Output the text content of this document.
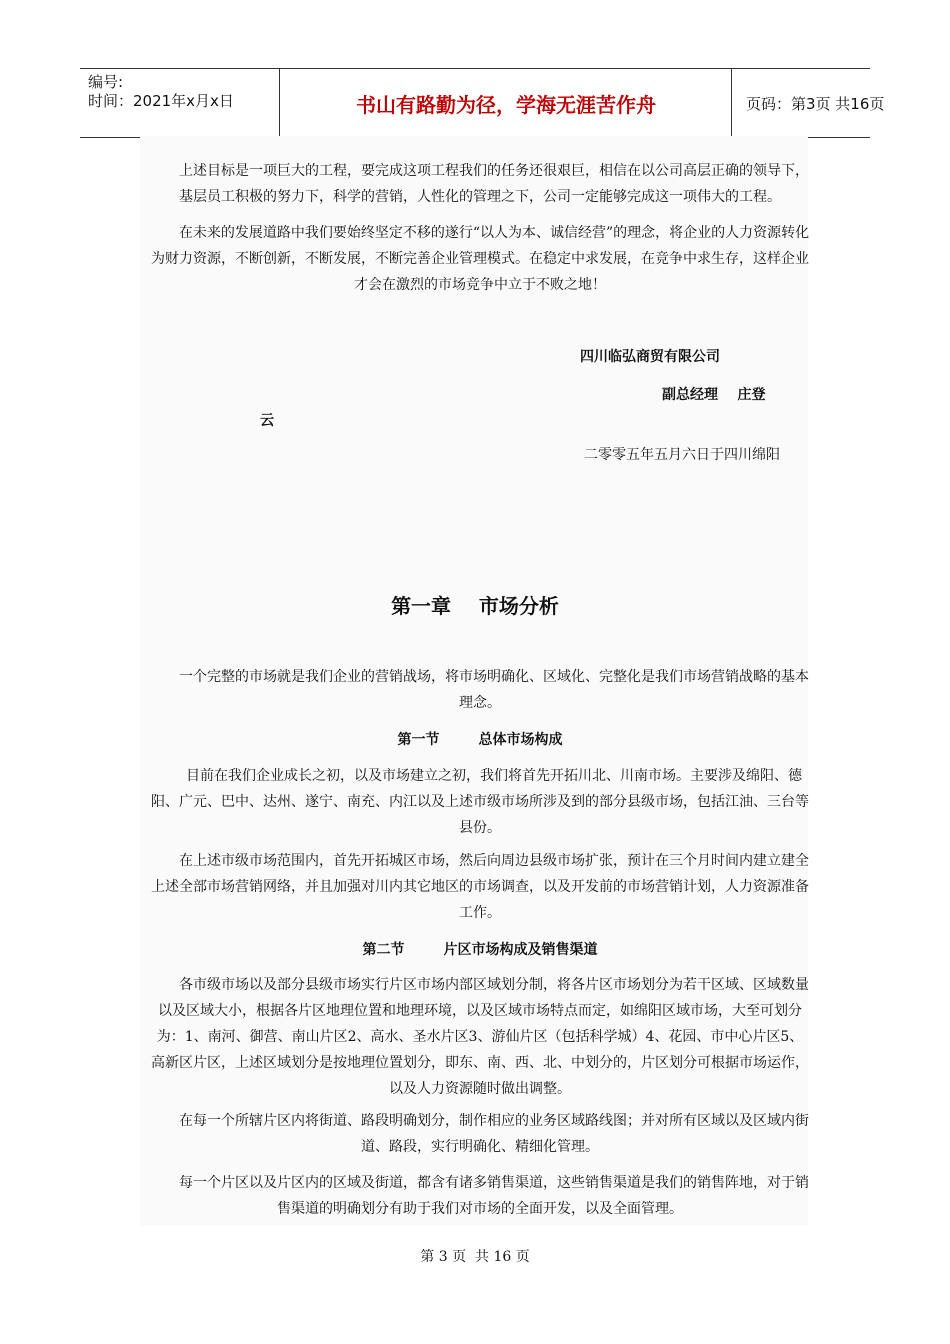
编号:
时间：2021年x月x日	书山有路勤为径，学海无涯苦作舟	页码：第3页 共16页
上述目标是一项巨大的工程，要完成这项工程我们的任务还很艰巨，相信在以公司高层正确的领导下，基层员工积极的努力下，科学的营销，人性化的管理之下，公司一定能够完成这一项伟大的工程。
在未来的发展道路中我们要始终坚定不移的遂行“以人为本、诚信经营”的理念，将企业的人力资源转化为财力资源，不断创新，不断发展，不断完善企业管理模式。在稳定中求发展，在竞争中求生存，这样企业才会在激烈的市场竞争中立于不败之地！
四川临弘商贸有限公司
副总经理    庄登
云
二零零五年五月六日于四川绵阳
第一章    市场分析
一个完整的市场就是我们企业的营销战场，将市场明确化、区域化、完整化是我们市场营销战略的基本理念。
第一节        总体市场构成
目前在我们企业成长之初，以及市场建立之初，我们将首先开拓川北、川南市场。主要涉及绵阳、德阳、广元、巴中、达州、遂宁、南充、内江以及上述市级市场所涉及到的部分县级市场，包括江油、三台等县份。
在上述市级市场范围内，首先开拓城区市场，然后向周边县级市场扩张，预计在三个月时间内建立建全上述全部市场营销网络，并且加强对川内其它地区的市场调查，以及开发前的市场营销计划，人力资源准备工作。
第二节        片区市场构成及销售渠道
各市级市场以及部分县级市场实行片区市场内部区域划分制，将各片区市场划分为若干区域、区域数量以及区域大小，根据各片区地理位置和地理环境，以及区域市场特点而定，如绵阳区域市场，大至可划分为：1、南河、御营、南山片区2、高水、圣水片区3、游仙片区（包括科学城）4、花园、市中心片区5、高新区片区，上述区域划分是按地理位置划分，即东、南、西、北、中划分的，片区划分可根据市场运作，以及人力资源随时做出调整。
在每一个所辖片区内将街道、路段明确划分，制作相应的业务区域路线图；并对所有区域以及区域内街道、路段，实行明确化、精细化管理。
每一个片区以及片区内的区域及街道，都含有诸多销售渠道，这些销售渠道是我们的销售阵地，对于销售渠道的明确划分有助于我们对市场的全面开发，以及全面管理。
第 3 页  共 16 页
